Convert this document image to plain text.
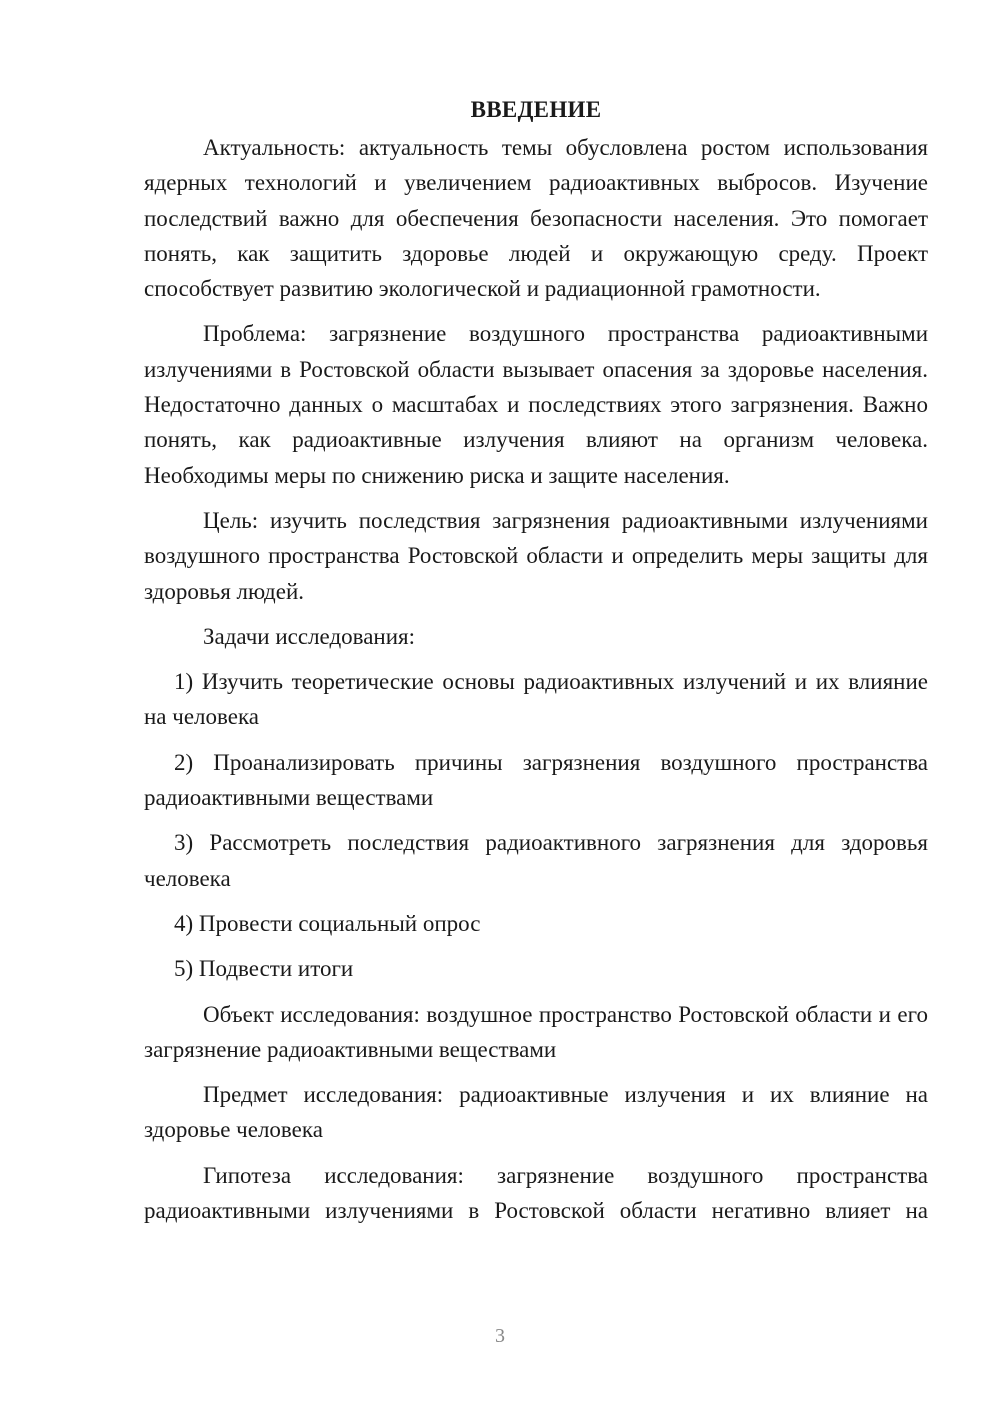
ВВЕДЕНИЕ

Актуальность: актуальность темы обусловлена ростом использования ядерных технологий и увеличением радиоактивных выбросов. Изучение последствий важно для обеспечения безопасности населения. Это помогает понять, как защитить здоровье людей и окружающую среду. Проект способствует развитию экологической и радиационной грамотности.

Проблема: загрязнение воздушного пространства радиоактивными излучениями в Ростовской области вызывает опасения за здоровье населения. Недостаточно данных о масштабах и последствиях этого загрязнения. Важно понять, как радиоактивные излучения влияют на организм человека. Необходимы меры по снижению риска и защите населения.

Цель: изучить последствия загрязнения радиоактивными излучениями воздушного пространства Ростовской области и определить меры защиты для здоровья людей.

Задачи исследования:

1) Изучить теоретические основы радиоактивных излучений и их влияние на человека

2) Проанализировать причины загрязнения воздушного пространства радиоактивными веществами

3) Рассмотреть последствия радиоактивного загрязнения для здоровья человека

4) Провести социальный опрос

5) Подвести итоги

Объект исследования: воздушное пространство Ростовской области и его загрязнение радиоактивными веществами

Предмет исследования: радиоактивные излучения и их влияние на здоровье человека

Гипотеза исследования: загрязнение воздушного пространства радиоактивными излучениями в Ростовской области негативно влияет на

3
